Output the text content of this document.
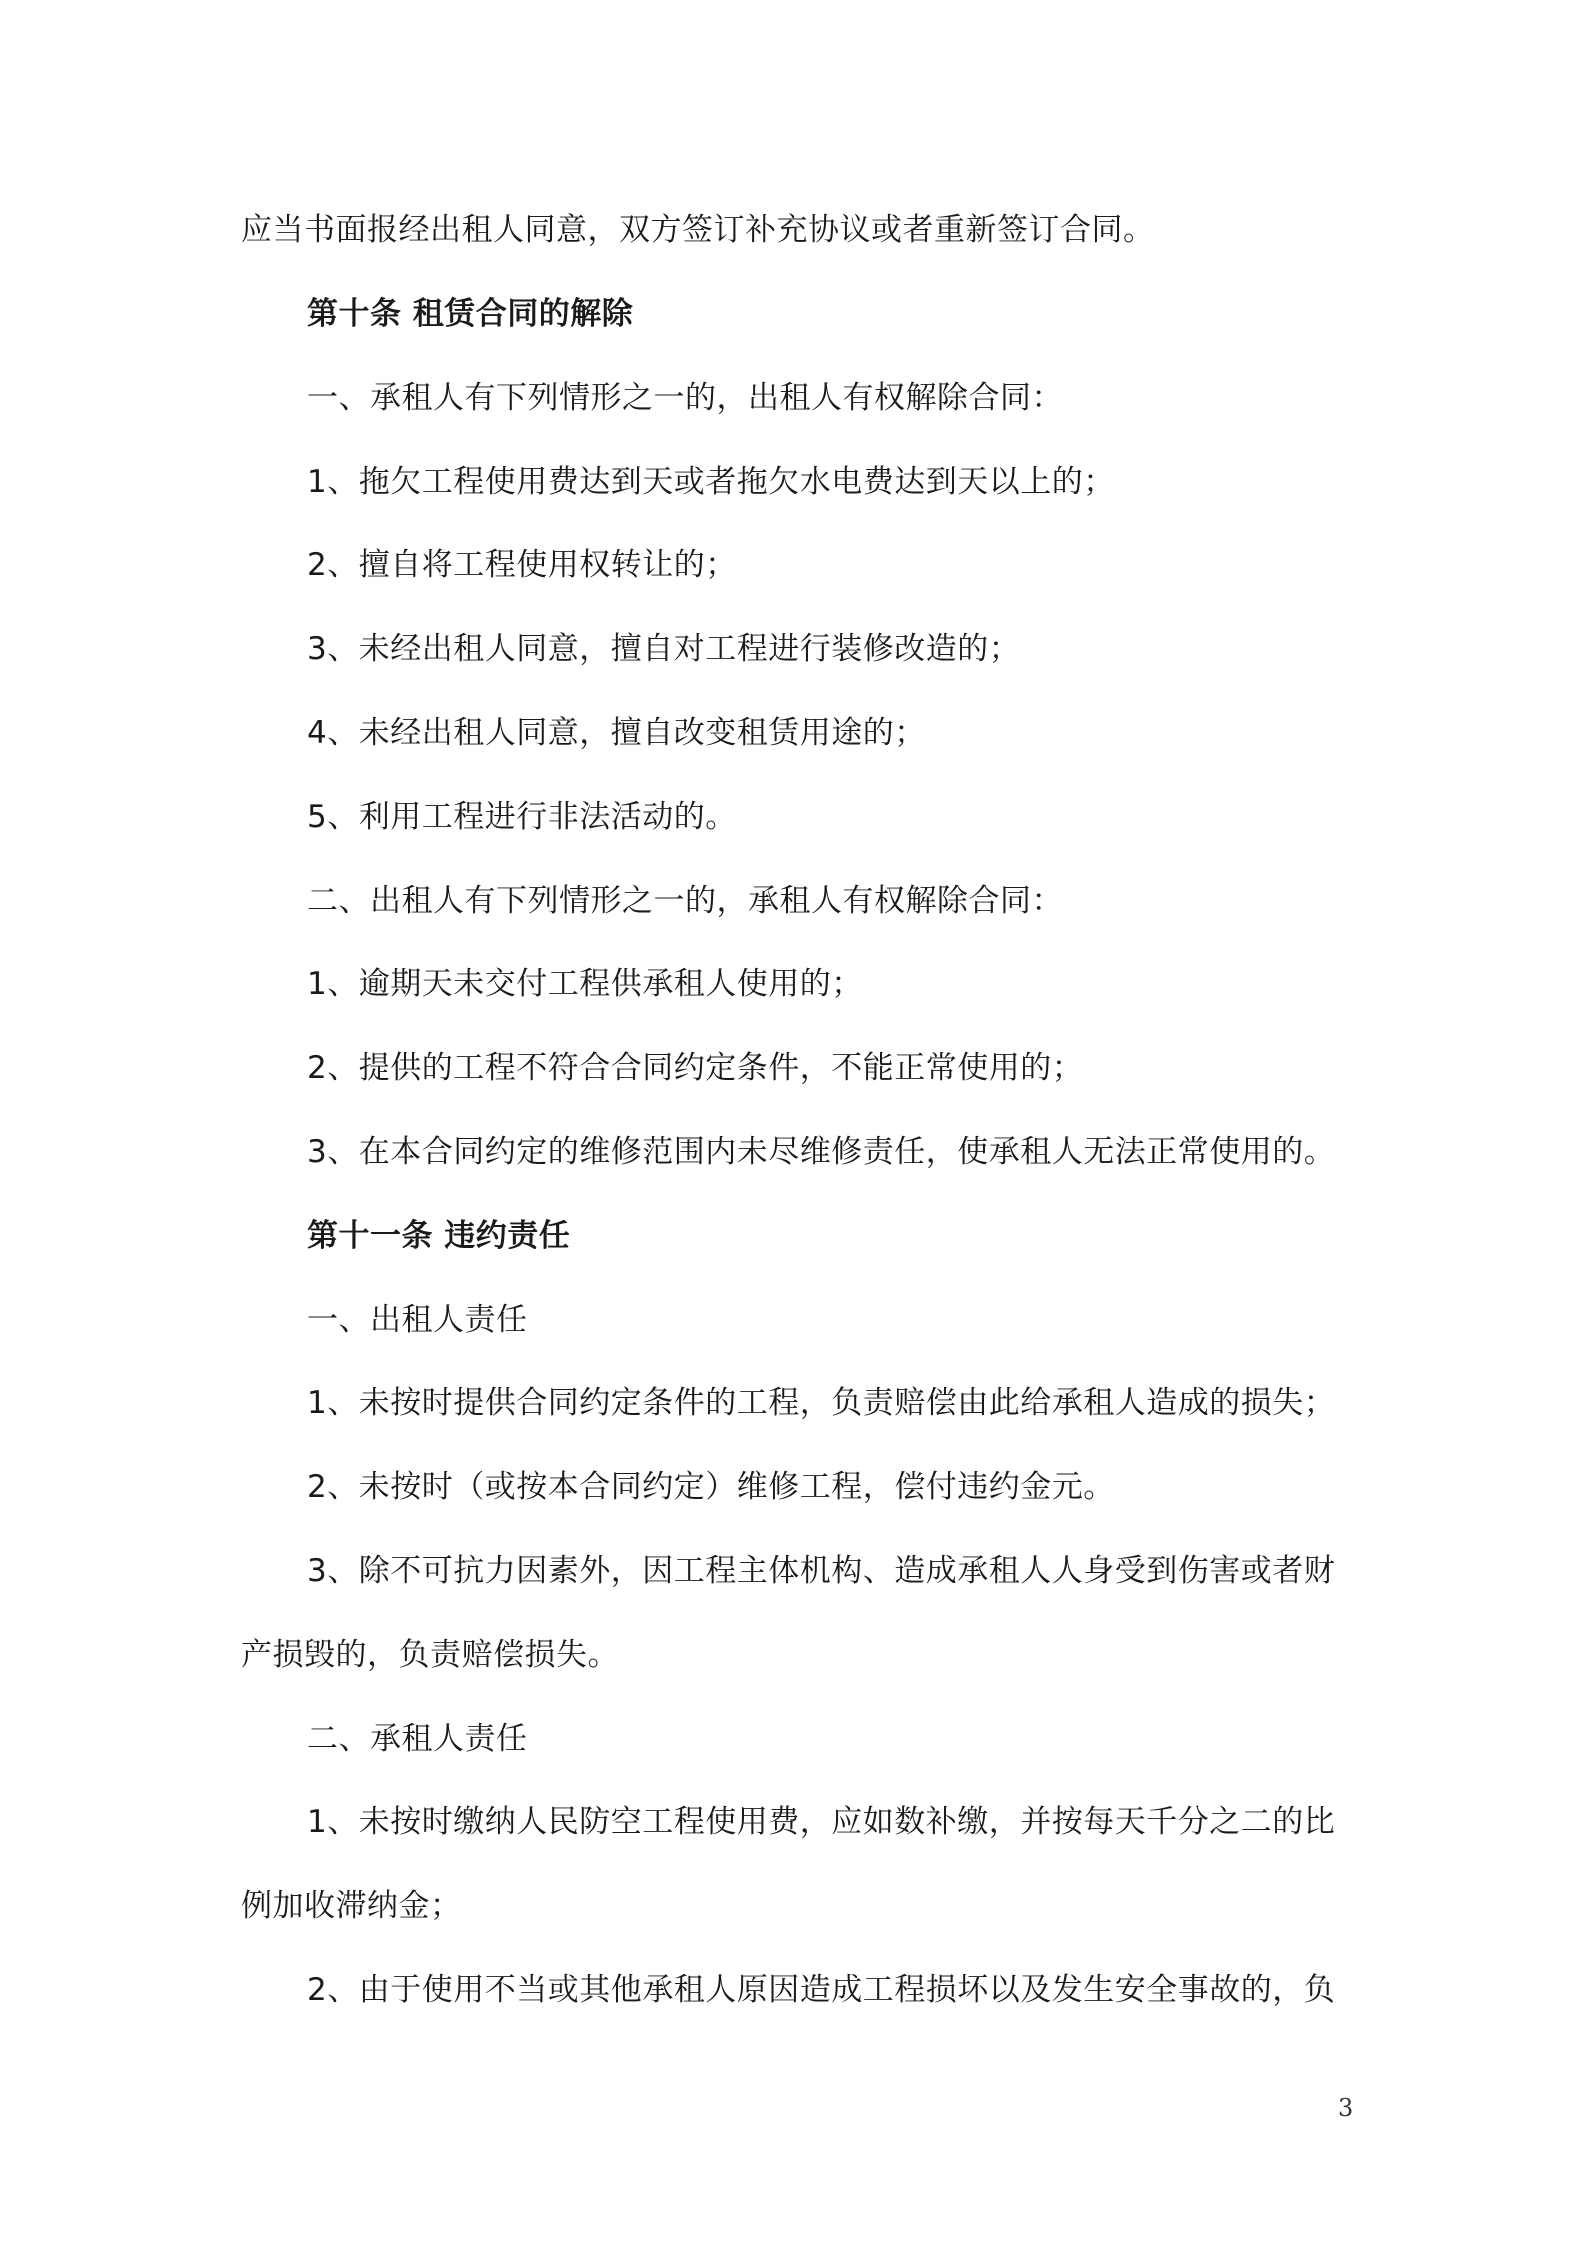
应当书面报经出租人同意，双方签订补充协议或者重新签订合同。
第十条 租赁合同的解除
一、承租人有下列情形之一的，出租人有权解除合同：
1、拖欠工程使用费达到天或者拖欠水电费达到天以上的；
2、擅自将工程使用权转让的；
3、未经出租人同意，擅自对工程进行装修改造的；
4、未经出租人同意，擅自改变租赁用途的；
5、利用工程进行非法活动的。
二、出租人有下列情形之一的，承租人有权解除合同：
1、逾期天未交付工程供承租人使用的；
2、提供的工程不符合合同约定条件，不能正常使用的；
3、在本合同约定的维修范围内未尽维修责任，使承租人无法正常使用的。
第十一条 违约责任
一、出租人责任
1、未按时提供合同约定条件的工程，负责赔偿由此给承租人造成的损失；
2、未按时（或按本合同约定）维修工程，偿付违约金元。
3、除不可抗力因素外，因工程主体机构、造成承租人人身受到伤害或者财
产损毁的，负责赔偿损失。
二、承租人责任
1、未按时缴纳人民防空工程使用费，应如数补缴，并按每天千分之二的比
例加收滞纳金；
2、由于使用不当或其他承租人原因造成工程损坏以及发生安全事故的，负
3
